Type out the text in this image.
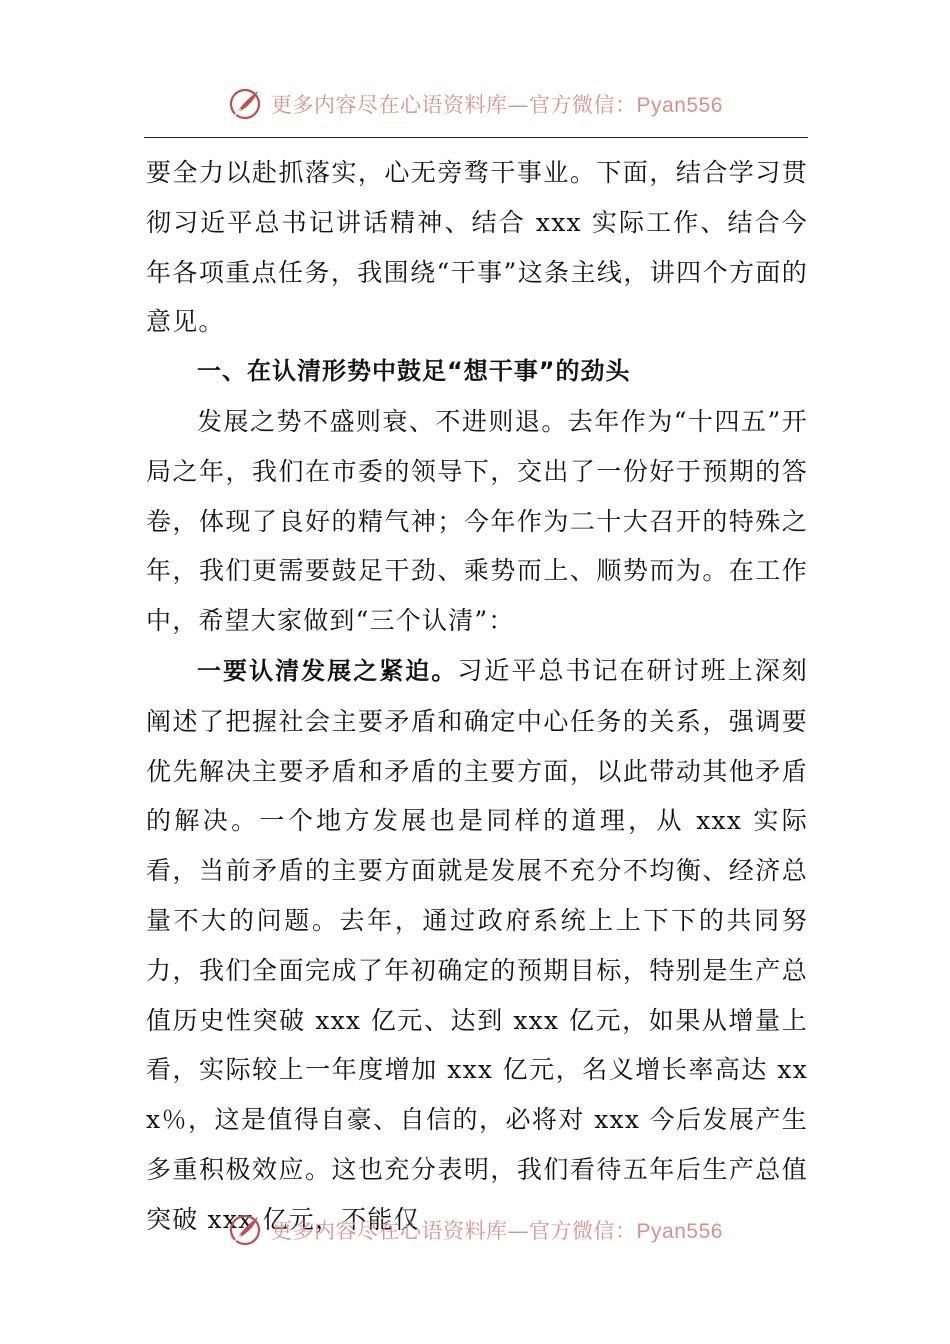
更多内容尽在心语资料库—官方微信：Pyan556

要全力以赴抓落实，心无旁骛干事业。下面，结合学习贯彻习近平总书记讲话精神、结合 xxx 实际工作、结合今年各项重点任务，我围绕“干事”这条主线，讲四个方面的意见。

一、在认清形势中鼓足“想干事”的劲头

发展之势不盛则衰、不进则退。去年作为“十四五”开局之年，我们在市委的领导下，交出了一份好于预期的答卷，体现了良好的精气神；今年作为二十大召开的特殊之年，我们更需要鼓足干劲、乘势而上、顺势而为。在工作中，希望大家做到“三个认清”：

一要认清发展之紧迫。习近平总书记在研讨班上深刻阐述了把握社会主要矛盾和确定中心任务的关系，强调要优先解决主要矛盾和矛盾的主要方面，以此带动其他矛盾的解决。一个地方发展也是同样的道理，从 xxx 实际看，当前矛盾的主要方面就是发展不充分不均衡、经济总量不大的问题。去年，通过政府系统上上下下的共同努力，我们全面完成了年初确定的预期目标，特别是生产总值历史性突破 xxx 亿元、达到 xxx 亿元，如果从增量上看，实际较上一年度增加 xxx 亿元，名义增长率高达 xxx％，这是值得自豪、自信的，必将对 xxx 今后发展产生多重积极效应。这也充分表明，我们看待五年后生产总值突破 xxx 亿元，不能仅

更多内容尽在心语资料库—官方微信：Pyan556
